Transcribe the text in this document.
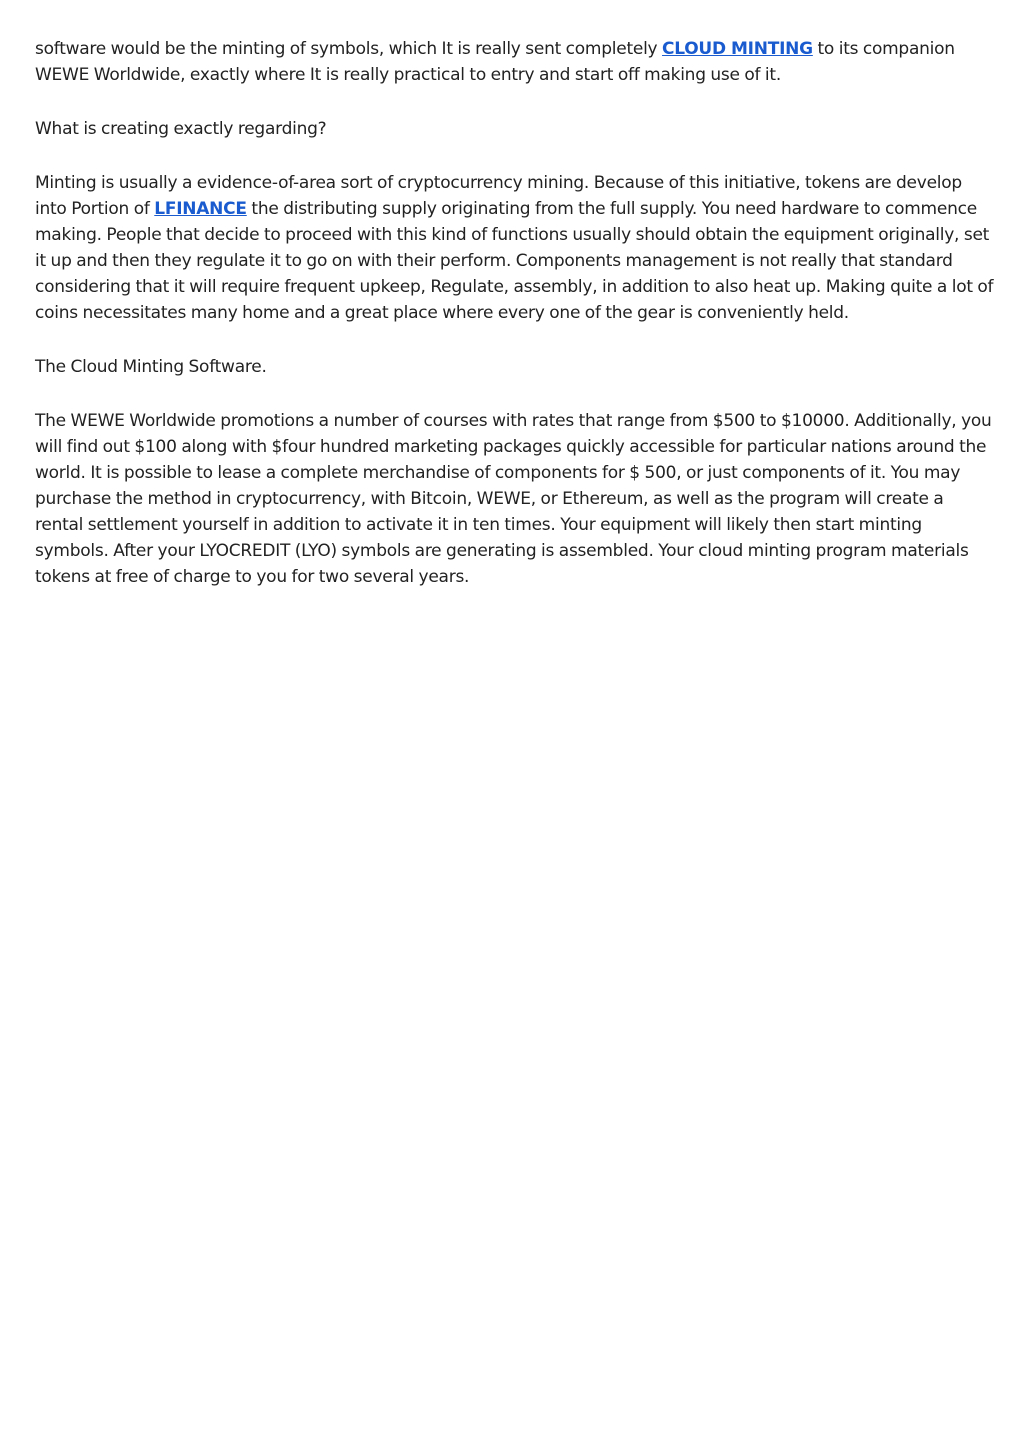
software would be the minting of symbols, which It is really sent completely CLOUD MINTING to its companion WEWE Worldwide, exactly where It is really practical to entry and start off making use of it.

What is creating exactly regarding?

Minting is usually a evidence-of-area sort of cryptocurrency mining. Because of this initiative, tokens are develop into Portion of LFINANCE the distributing supply originating from the full supply. You need hardware to commence making. People that decide to proceed with this kind of functions usually should obtain the equipment originally, set it up and then they regulate it to go on with their perform. Components management is not really that standard considering that it will require frequent upkeep, Regulate, assembly, in addition to also heat up. Making quite a lot of coins necessitates many home and a great place where every one of the gear is conveniently held.

The Cloud Minting Software.

The WEWE Worldwide promotions a number of courses with rates that range from $500 to $10000. Additionally, you will find out $100 along with $four hundred marketing packages quickly accessible for particular nations around the world. It is possible to lease a complete merchandise of components for $ 500, or just components of it. You may purchase the method in cryptocurrency, with Bitcoin, WEWE, or Ethereum, as well as the program will create a rental settlement yourself in addition to activate it in ten times. Your equipment will likely then start minting symbols. After your LYOCREDIT (LYO) symbols are generating is assembled. Your cloud minting program materials tokens at free of charge to you for two several years.
